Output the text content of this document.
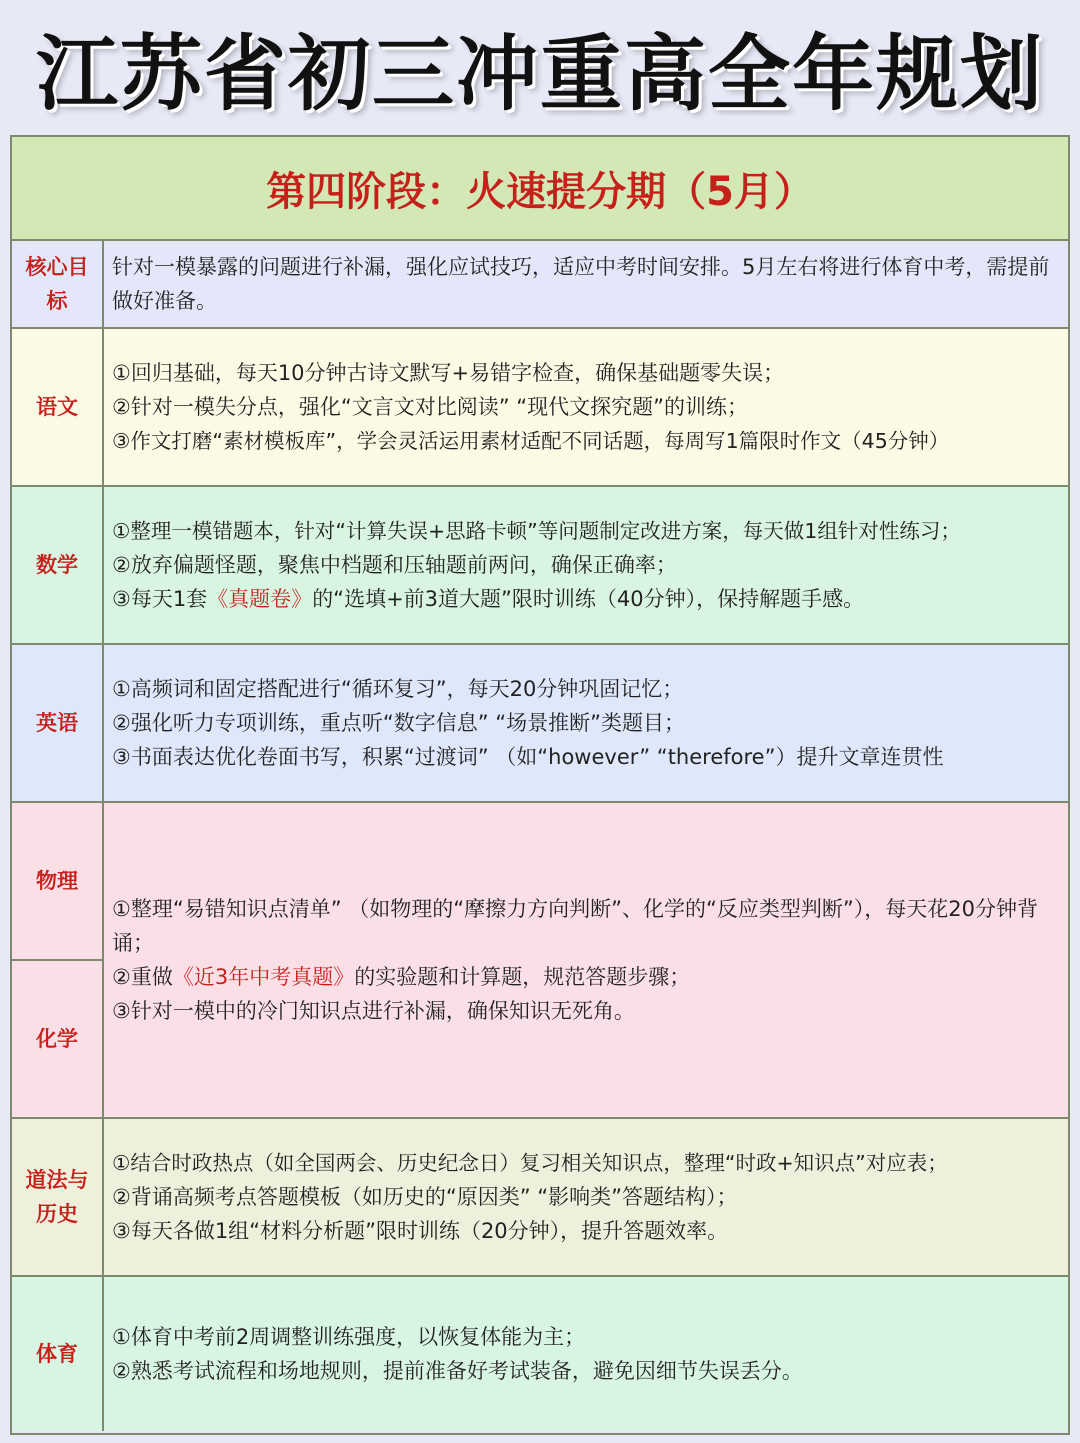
江苏省初三冲重高全年规划
第四阶段：火速提分期（5月）
核心目标
针对一模暴露的问题进行补漏，强化应试技巧，适应中考时间安排。5月左右将进行体育中考，需提前做好准备。
语文
①回归基础，每天10分钟古诗文默写+易错字检查，确保基础题零失误；
②针对一模失分点，强化“文言文对比阅读” “现代文探究题”的训练；
③作文打磨“素材模板库”，学会灵活运用素材适配不同话题，每周写1篇限时作文（45分钟）
数学
①整理一模错题本，针对“计算失误+思路卡顿”等问题制定改进方案，每天做1组针对性练习；
②放弃偏题怪题，聚焦中档题和压轴题前两问，确保正确率；
③每天1套《真题卷》的“选填+前3道大题”限时训练（40分钟），保持解题手感。
英语
①高频词和固定搭配进行“循环复习”，每天20分钟巩固记忆；
②强化听力专项训练，重点听“数字信息” “场景推断”类题目；
③书面表达优化卷面书写，积累“过渡词” （如“however” “therefore”）提升文章连贯性
物理
化学
①整理“易错知识点清单” （如物理的“摩擦力方向判断”、化学的“反应类型判断”），每天花20分钟背诵；
②重做《近3年中考真题》的实验题和计算题，规范答题步骤；
③针对一模中的冷门知识点进行补漏，确保知识无死角。
道法与历史
①结合时政热点（如全国两会、历史纪念日）复习相关知识点，整理“时政+知识点”对应表；
②背诵高频考点答题模板（如历史的“原因类” “影响类”答题结构）；
③每天各做1组“材料分析题”限时训练（20分钟），提升答题效率。
体育
①体育中考前2周调整训练强度，以恢复体能为主；
②熟悉考试流程和场地规则，提前准备好考试装备，避免因细节失误丢分。
